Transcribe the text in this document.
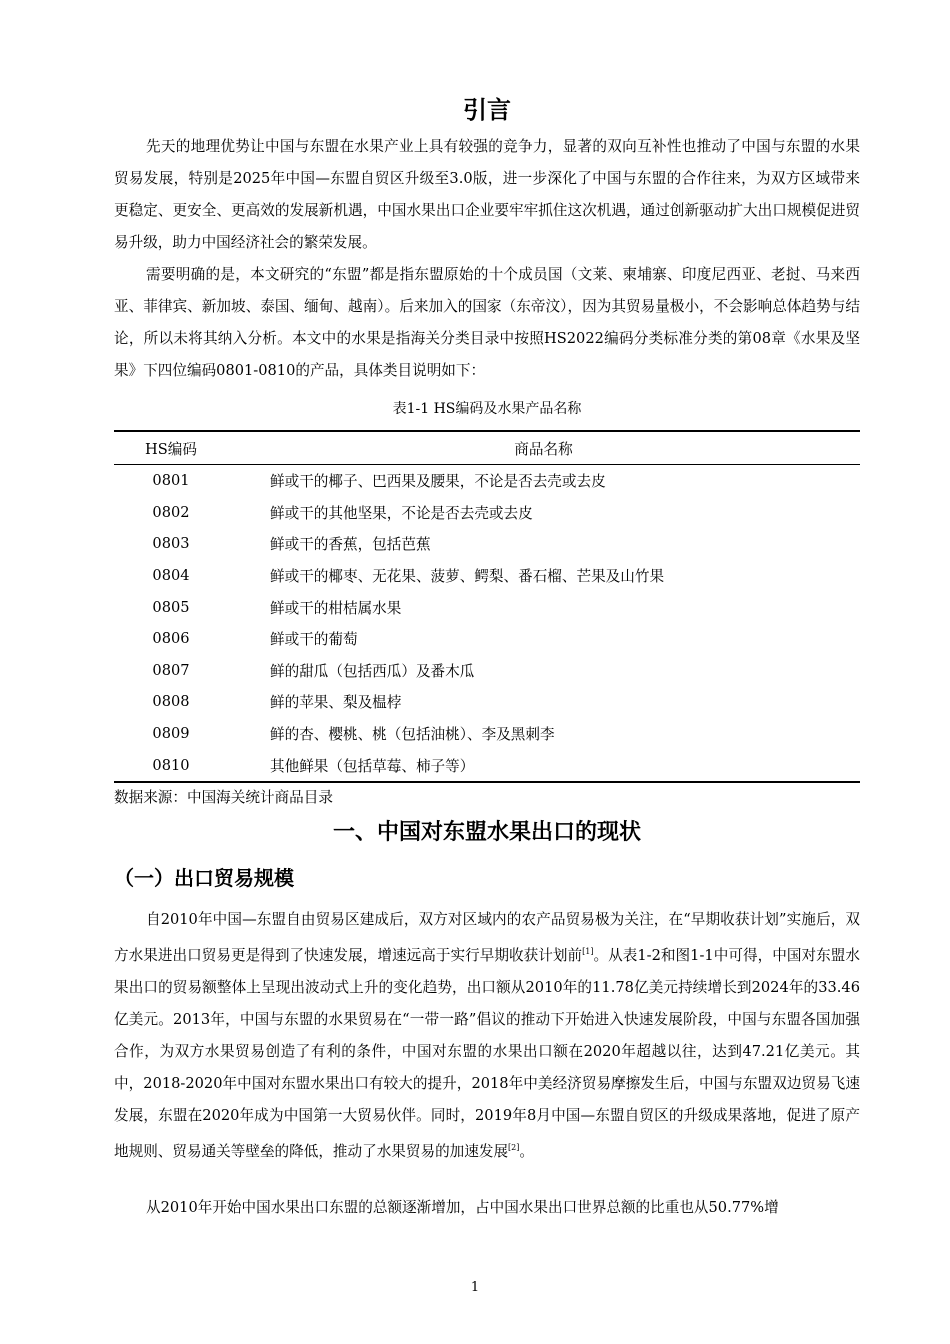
引言

先天的地理优势让中国与东盟在水果产业上具有较强的竞争力，显著的双向互补性也推动了中国与东盟的水果贸易发展，特别是2025年中国—东盟自贸区升级至3.0版，进一步深化了中国与东盟的合作往来，为双方区域带来更稳定、更安全、更高效的发展新机遇，中国水果出口企业要牢牢抓住这次机遇，通过创新驱动扩大出口规模促进贸易升级，助力中国经济社会的繁荣发展。

需要明确的是，本文研究的“东盟”都是指东盟原始的十个成员国（文莱、柬埔寨、印度尼西亚、老挝、马来西亚、菲律宾、新加坡、泰国、缅甸、越南）。后来加入的国家（东帝汶），因为其贸易量极小，不会影响总体趋势与结论，所以未将其纳入分析。本文中的水果是指海关分类目录中按照HS2022编码分类标准分类的第08章《水果及坚果》下四位编码0801-0810的产品，具体类目说明如下：

表1-1 HS编码及水果产品名称
HS编码	商品名称
0801	鲜或干的椰子、巴西果及腰果，不论是否去壳或去皮
0802	鲜或干的其他坚果，不论是否去壳或去皮
0803	鲜或干的香蕉，包括芭蕉
0804	鲜或干的椰枣、无花果、菠萝、鳄梨、番石榴、芒果及山竹果
0805	鲜或干的柑桔属水果
0806	鲜或干的葡萄
0807	鲜的甜瓜（包括西瓜）及番木瓜
0808	鲜的苹果、梨及榅桲
0809	鲜的杏、樱桃、桃（包括油桃）、李及黑刺李
0810	其他鲜果（包括草莓、柿子等）
数据来源：中国海关统计商品目录
一、中国对东盟水果出口的现状
（一）出口贸易规模

自2010年中国—东盟自由贸易区建成后，双方对区域内的农产品贸易极为关注，在“早期收获计划”实施后，双方水果进出口贸易更是得到了快速发展，增速远高于实行早期收获计划前[1]。从表1-2和图1-1中可得，中国对东盟水果出口的贸易额整体上呈现出波动式上升的变化趋势，出口额从2010年的11.78亿美元持续增长到2024年的33.46亿美元。2013年，中国与东盟的水果贸易在“一带一路”倡议的推动下开始进入快速发展阶段，中国与东盟各国加强合作，为双方水果贸易创造了有利的条件，中国对东盟的水果出口额在2020年超越以往，达到47.21亿美元。其中，2018-2020年中国对东盟水果出口有较大的提升，2018年中美经济贸易摩擦发生后，中国与东盟双边贸易飞速发展，东盟在2020年成为中国第一大贸易伙伴。同时，2019年8月中国—东盟自贸区的升级成果落地，促进了原产地规则、贸易通关等壁垒的降低，推动了水果贸易的加速发展[2]。

从2010年开始中国水果出口东盟的总额逐渐增加，占中国水果出口世界总额的比重也从50.77%增

1
